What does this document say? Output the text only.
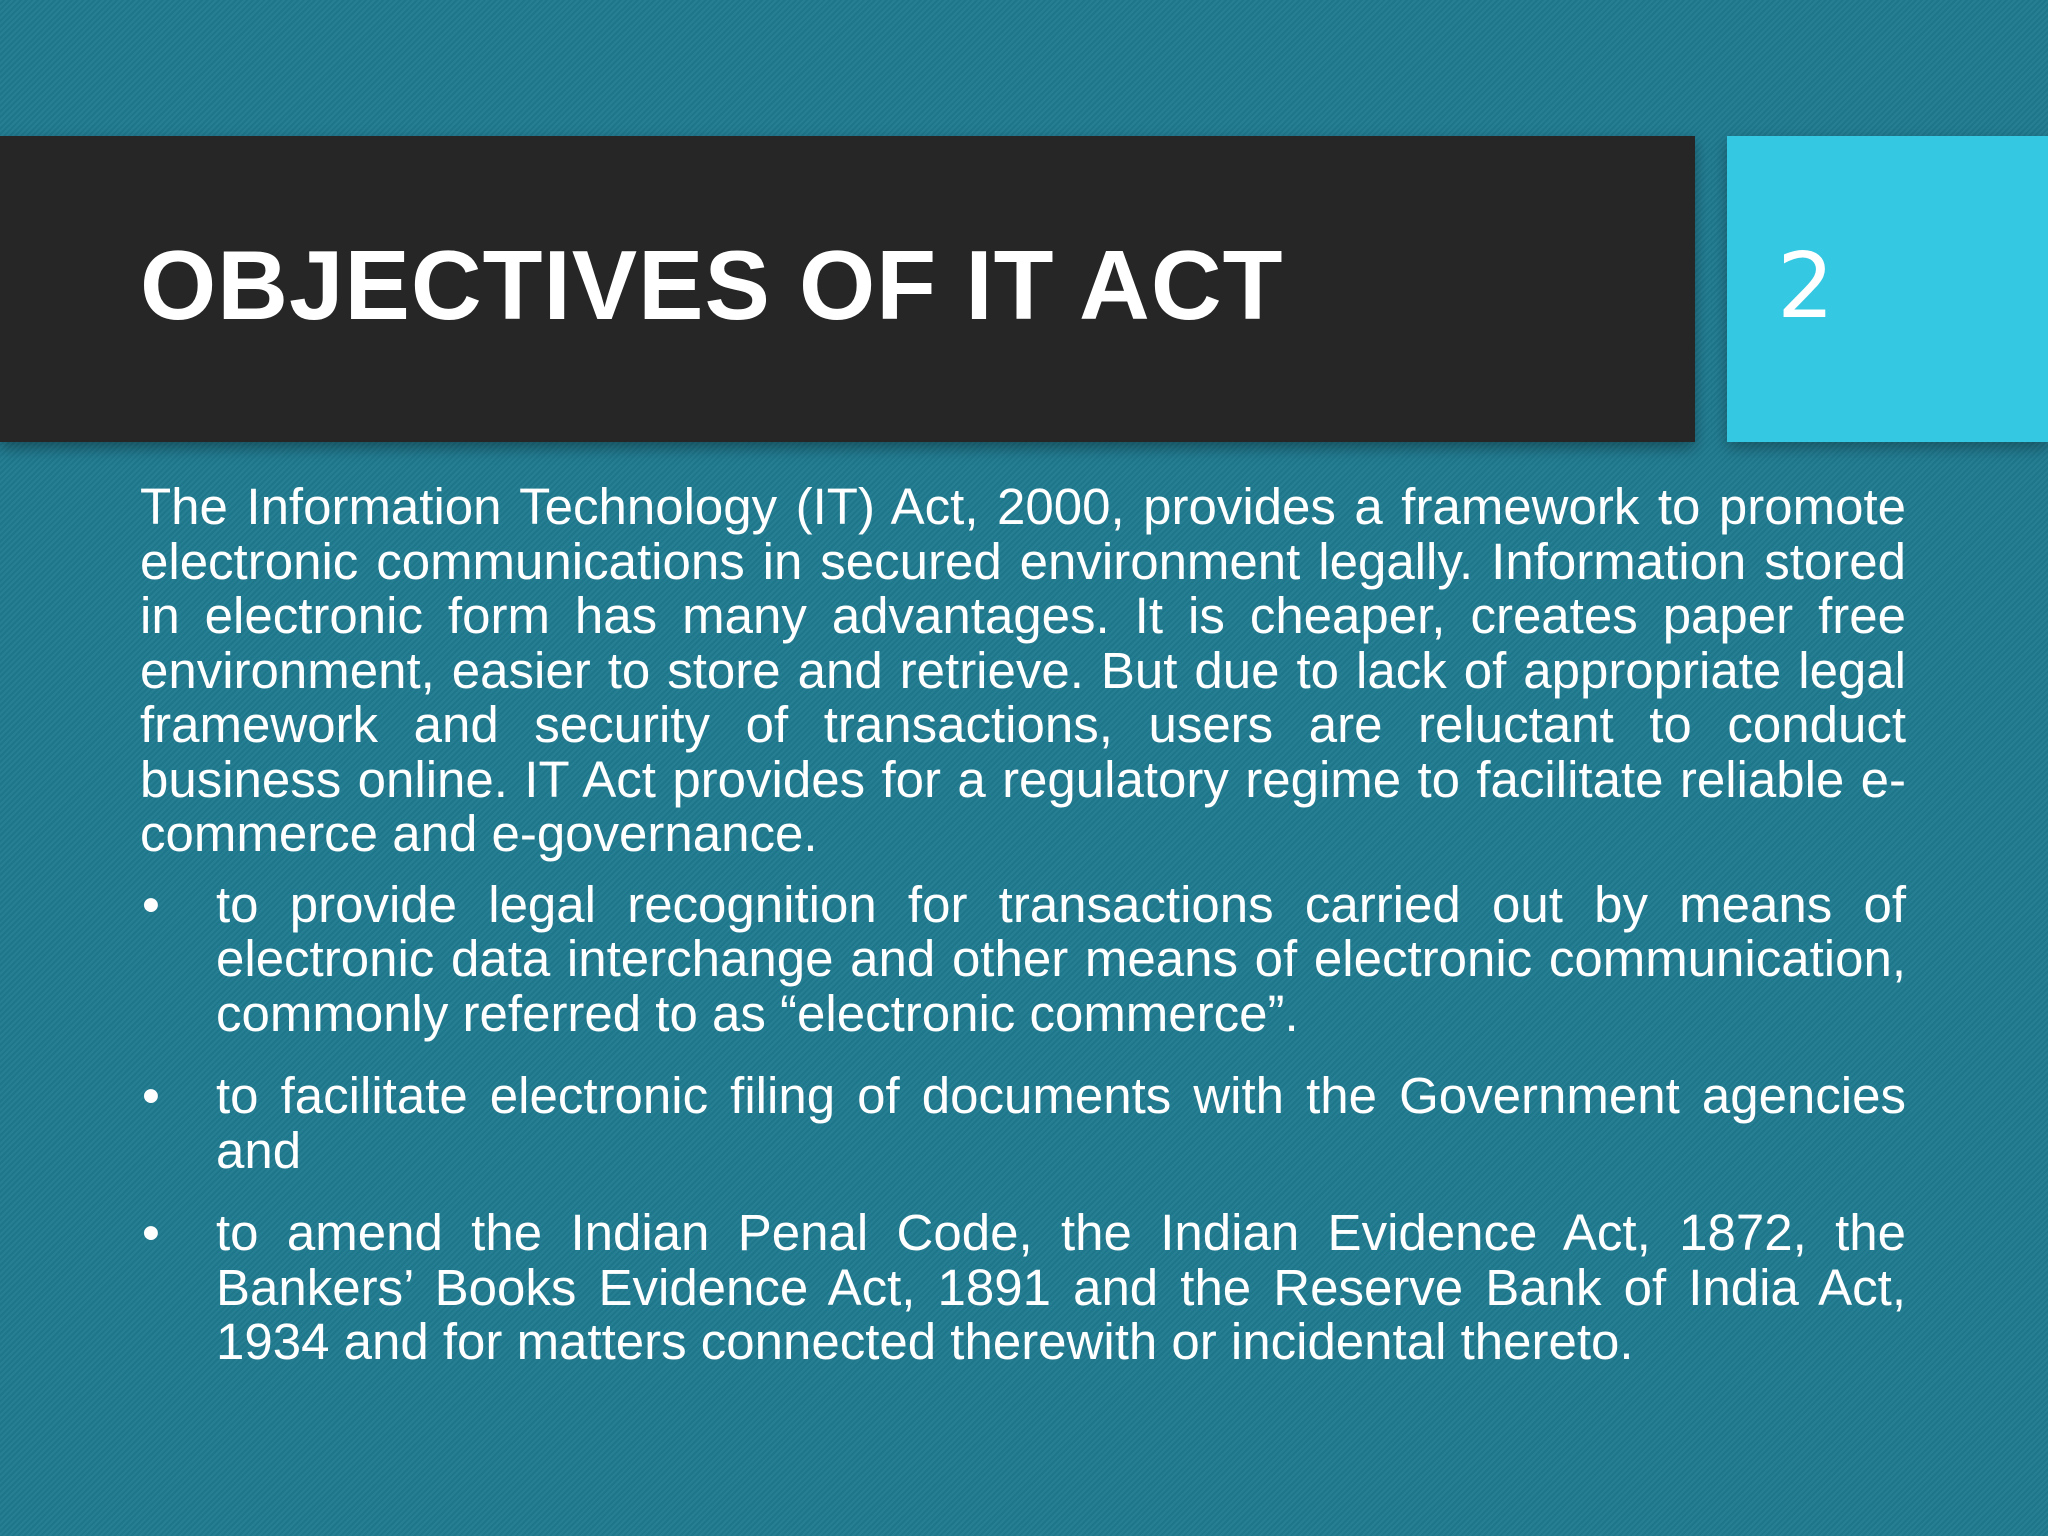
OBJECTIVES OF IT ACT	2

The Information Technology (IT) Act, 2000, provides a framework to promote electronic communications in secured environment legally. Information stored in electronic form has many advantages. It is cheaper, creates paper free environment, easier to store and retrieve. But due to lack of appropriate legal framework and security of transactions, users are reluctant to conduct business online. IT Act provides for a regulatory regime to facilitate reliable e-commerce and e-governance.

• to provide legal recognition for transactions carried out by means of electronic data interchange and other means of electronic communication, commonly referred to as “electronic commerce”.
• to facilitate electronic filing of documents with the Government agencies and
• to amend the Indian Penal Code, the Indian Evidence Act, 1872, the Bankers’ Books Evidence Act, 1891 and the Reserve Bank of India Act, 1934 and for matters connected therewith or incidental thereto.
